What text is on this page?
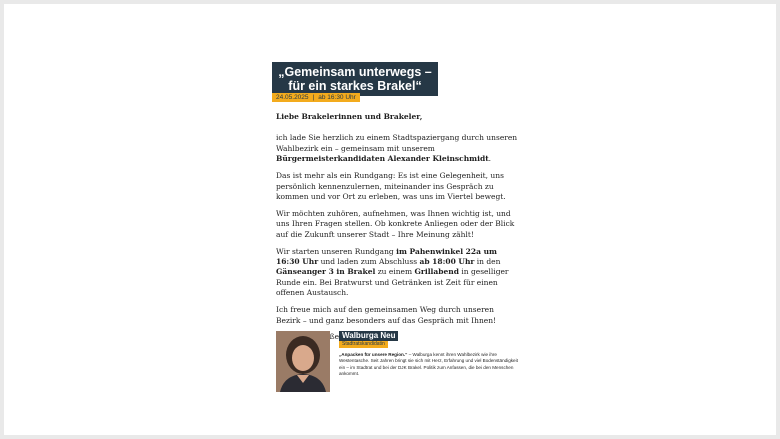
„Gemeinsam unterwegs –
für ein starkes Brakel“
24.05.2025 | ab 16:30 Uhr

Liebe Brakelerinnen und Brakeler,

ich lade Sie herzlich zu einem Stadtspaziergang durch unseren Wahlbezirk ein – gemeinsam mit unserem Bürgermeisterkandidaten Alexander Kleinschmidt.

Das ist mehr als ein Rundgang: Es ist eine Gelegenheit, uns persönlich kennenzulernen, miteinander ins Gespräch zu kommen und vor Ort zu erleben, was uns im Viertel bewegt.

Wir möchten zuhören, aufnehmen, was Ihnen wichtig ist, und uns Ihren Fragen stellen. Ob konkrete Anliegen oder der Blick auf die Zukunft unserer Stadt – Ihre Meinung zählt!

Wir starten unseren Rundgang im Pahenwinkel 22a um 16:30 Uhr und laden zum Abschluss ab 18:00 Uhr in den Gänseanger 3 in Brakel zu einem Grillabend in geselliger Runde ein. Bei Bratwurst und Getränken ist Zeit für einen offenen Austausch.

Ich freue mich auf den gemeinsamen Weg durch unseren Bezirk – und ganz besonders auf das Gespräch mit Ihnen!

Walburga Neu
Stadtratskandidatin
„Anpacken für unsere Region.“ – Walburga kennt ihren Wahlbezirk wie ihre Westentasche. Seit Jahren bringt sie sich mit Herz, Erfahrung und viel Bodenständigkeit ein – im Stadtrat und bei der DJK Brakel. Politik zum Anfassen, die bei den Menschen ankommt.
